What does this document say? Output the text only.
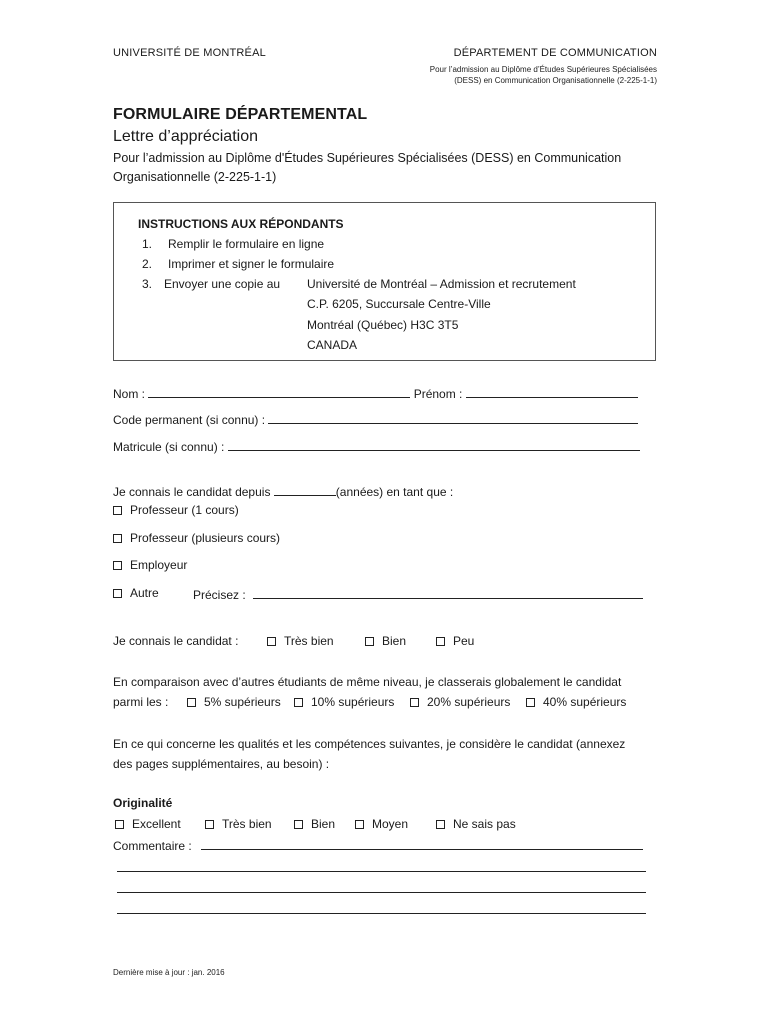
UNIVERSITÉ DE MONTRÉAL	DÉPARTEMENT DE COMMUNICATION
Pour l’admission au Diplôme d’Études Supérieures Spécialisées
(DESS) en Communication Organisationnelle (2-225-1-1)
FORMULAIRE DÉPARTEMENTAL
Lettre d’appréciation
Pour l’admission au Diplôme d'Études Supérieures Spécialisées (DESS) en Communication Organisationnelle (2-225-1-1)
INSTRUCTIONS AUX RÉPONDANTS
1. Remplir le formulaire en ligne
2. Imprimer et signer le formulaire
3. Envoyer une copie au Université de Montréal – Admission et recrutement
C.P. 6205, Succursale Centre-Ville
Montréal (Québec) H3C 3T5
CANADA
Nom :	Prénom :
Code permanent (si connu) :
Matricule (si connu) :
Je connais le candidat depuis	(années) en tant que :
Professeur (1 cours)
Professeur (plusieurs cours)
Employeur
Autre	Précisez :
Je connais le candidat :	Très bien	Bien	Peu
En comparaison avec d’autres étudiants de même niveau, je classerais globalement le candidat
parmi les :	5% supérieurs	10% supérieurs	20% supérieurs	40% supérieurs
En ce qui concerne les qualités et les compétences suivantes, je considère le candidat (annexez
des pages supplémentaires, au besoin) :
Originalité
Excellent	Très bien	Bien	Moyen	Ne sais pas
Commentaire :
Dernière mise à jour : jan. 2016
